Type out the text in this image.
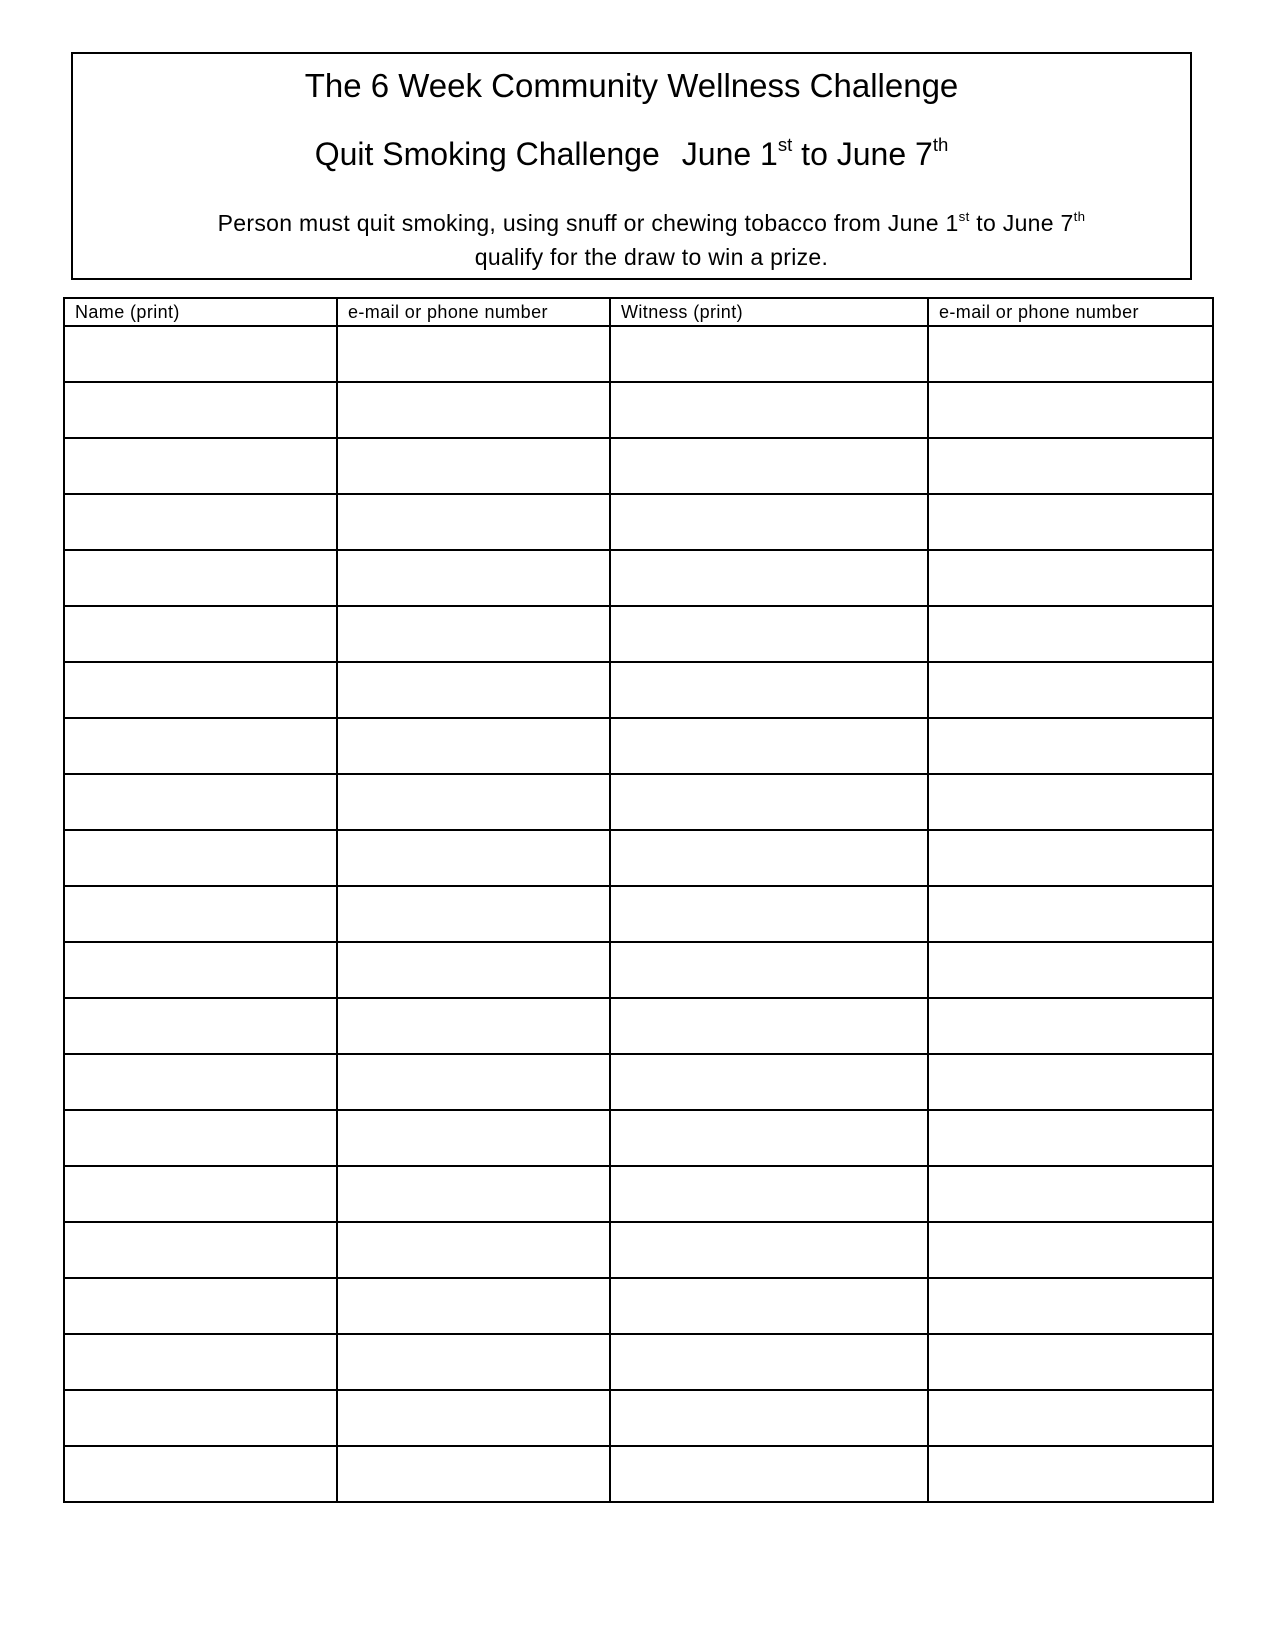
The 6 Week Community Wellness Challenge
Quit Smoking Challenge June 1st to June 7th
Person must quit smoking, using snuff or chewing tobacco from June 1st to June 7th
qualify for the draw to win a prize.
Name (print)	e-mail or phone number	Witness (print)	e-mail or phone number
